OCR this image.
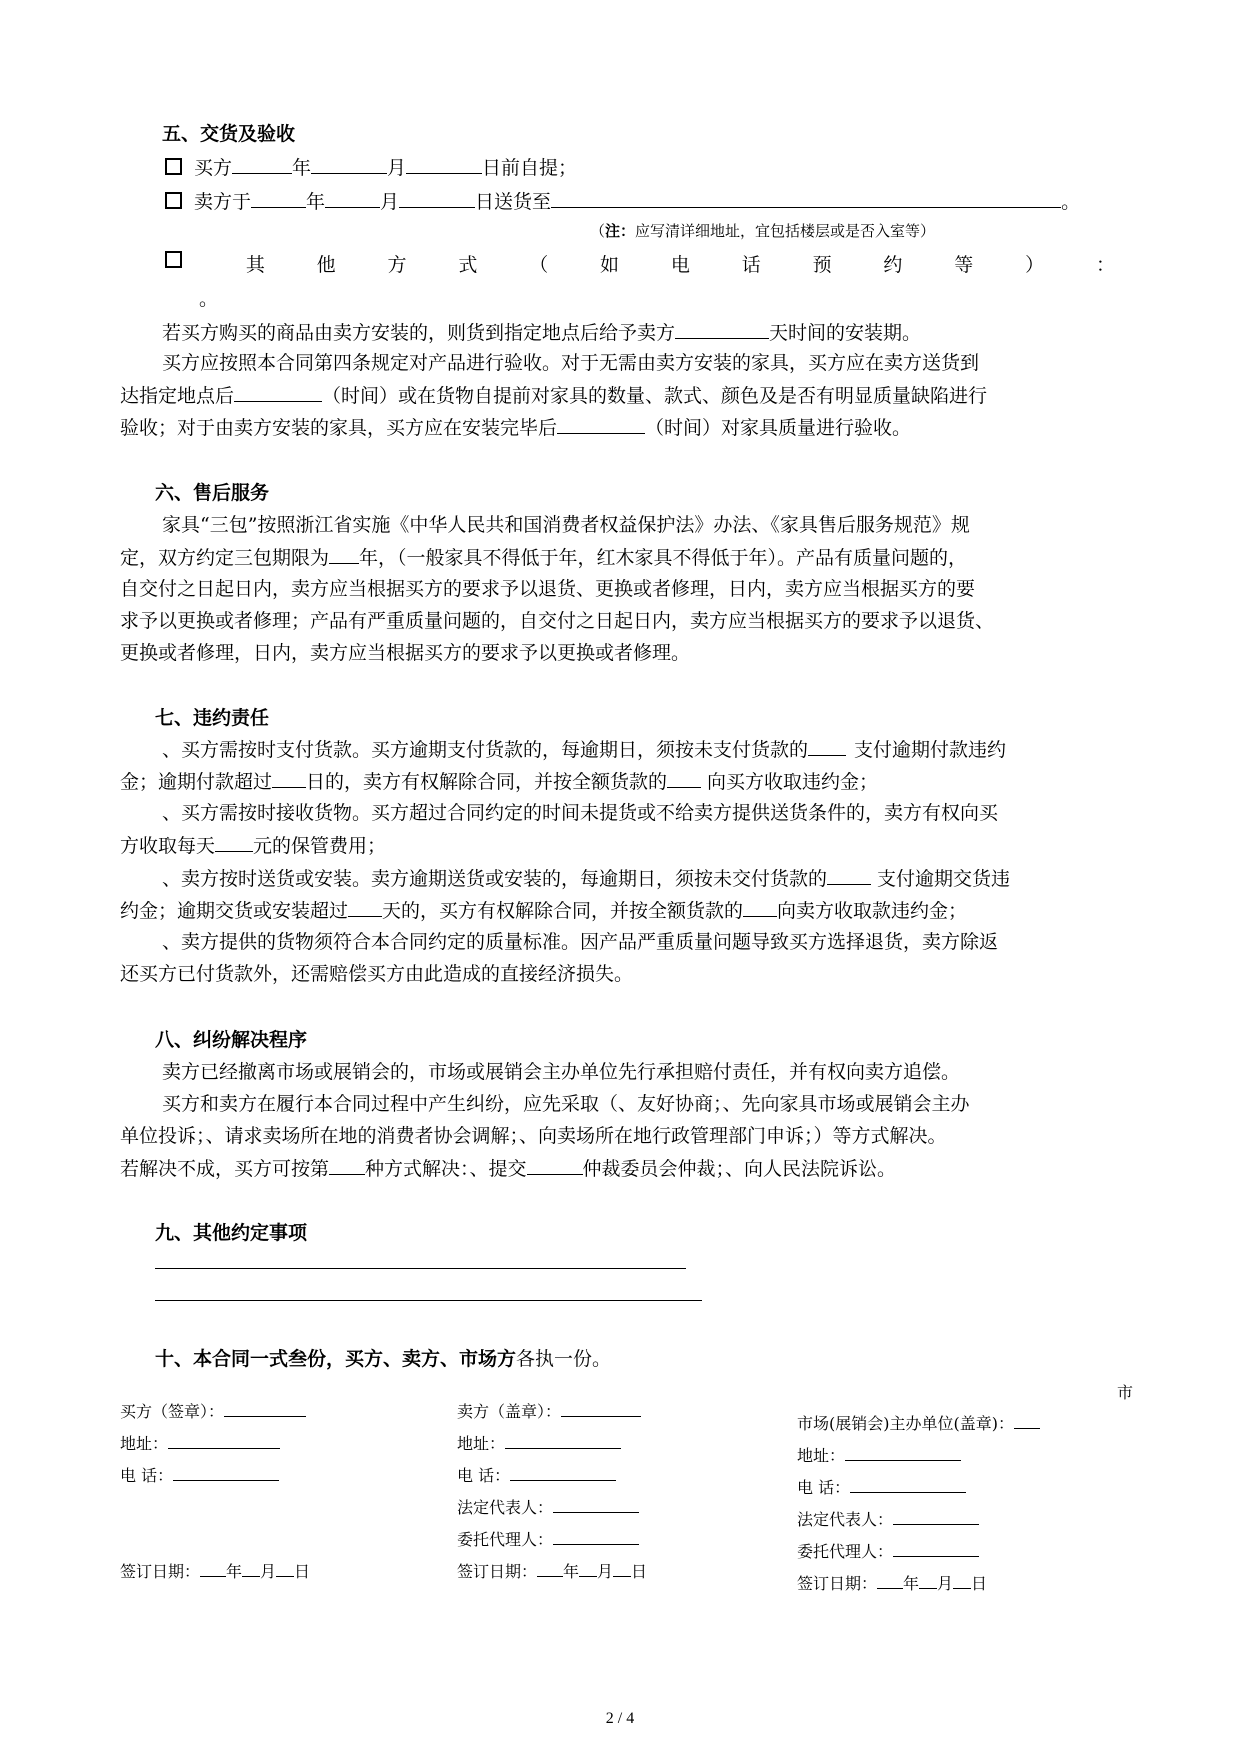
五、交货及验收
买方	年	月	日前自提；
卖方于	年	月	日送货至	。
（注：应写清详细地址，宜包括楼层或是否入室等）
其	他	方	式	（	如	电	话	预	约	等	）	：
。
若买方购买的商品由卖方安装的，则货到指定地点后给予卖方	天时间的安装期。
买方应按照本合同第四条规定对产品进行验收。对于无需由卖方安装的家具，买方应在卖方送货到
达指定地点后	（时间）或在货物自提前对家具的数量、款式、颜色及是否有明显质量缺陷进行
验收；对于由卖方安装的家具，买方应在安装完毕后	（时间）对家具质量进行验收。
六、售后服务
家具“三包”按照浙江省实施《中华人民共和国消费者权益保护法》办法、《家具售后服务规范》规
定，双方约定三包期限为 年，（一般家具不得低于年，红木家具不得低于年）。产品有质量问题的，
自交付之日起日内，卖方应当根据买方的要求予以退货、更换或者修理，日内，卖方应当根据买方的要
求予以更换或者修理；产品有严重质量问题的，自交付之日起日内，卖方应当根据买方的要求予以退货、
更换或者修理，日内，卖方应当根据买方的要求予以更换或者修理。
七、违约责任
、买方需按时支付货款。买方逾期支付货款的，每逾期日，须按未支付货款的 支付逾期付款违约
金；逾期付款超过 日的，卖方有权解除合同，并按全额货款的 向买方收取违约金；
、买方需按时接收货物。买方超过合同约定的时间未提货或不给卖方提供送货条件的，卖方有权向买
方收取每天 元的保管费用；
、卖方按时送货或安装。卖方逾期送货或安装的，每逾期日，须按未交付货款的	支付逾期交货违
约金；逾期交货或安装超过 天的，买方有权解除合同，并按全额货款的 向卖方收取款违约金；
、卖方提供的货物须符合本合同约定的质量标准。因产品严重质量问题导致买方选择退货，卖方除返
还买方已付货款外，还需赔偿买方由此造成的直接经济损失。
八、纠纷解决程序
卖方已经撤离市场或展销会的，市场或展销会主办单位先行承担赔付责任，并有权向卖方追偿。
买方和卖方在履行本合同过程中产生纠纷，应先采取（、友好协商；、先向家具市场或展销会主办
单位投诉；、请求卖场所在地的消费者协会调解；、向卖场所在地行政管理部门申诉；）等方式解决。
若解决不成，买方可按第 种方式解决：、提交	仲裁委员会仲裁；、向人民法院诉讼。
九、其他约定事项
十、本合同一式叁份，买方、卖方、市场方各执一份。
买方（签章）：
地址：
电 话：
签订日期： 年 月 日
卖方（盖章）：
地址：
电 话：
法定代表人：
委托代理人：
签订日期： 年 月 日
市
市场(展销会)主办单位(盖章)：
地址：
电 话：
法定代表人：
委托代理人：
签订日期： 年 月 日
2 / 4
